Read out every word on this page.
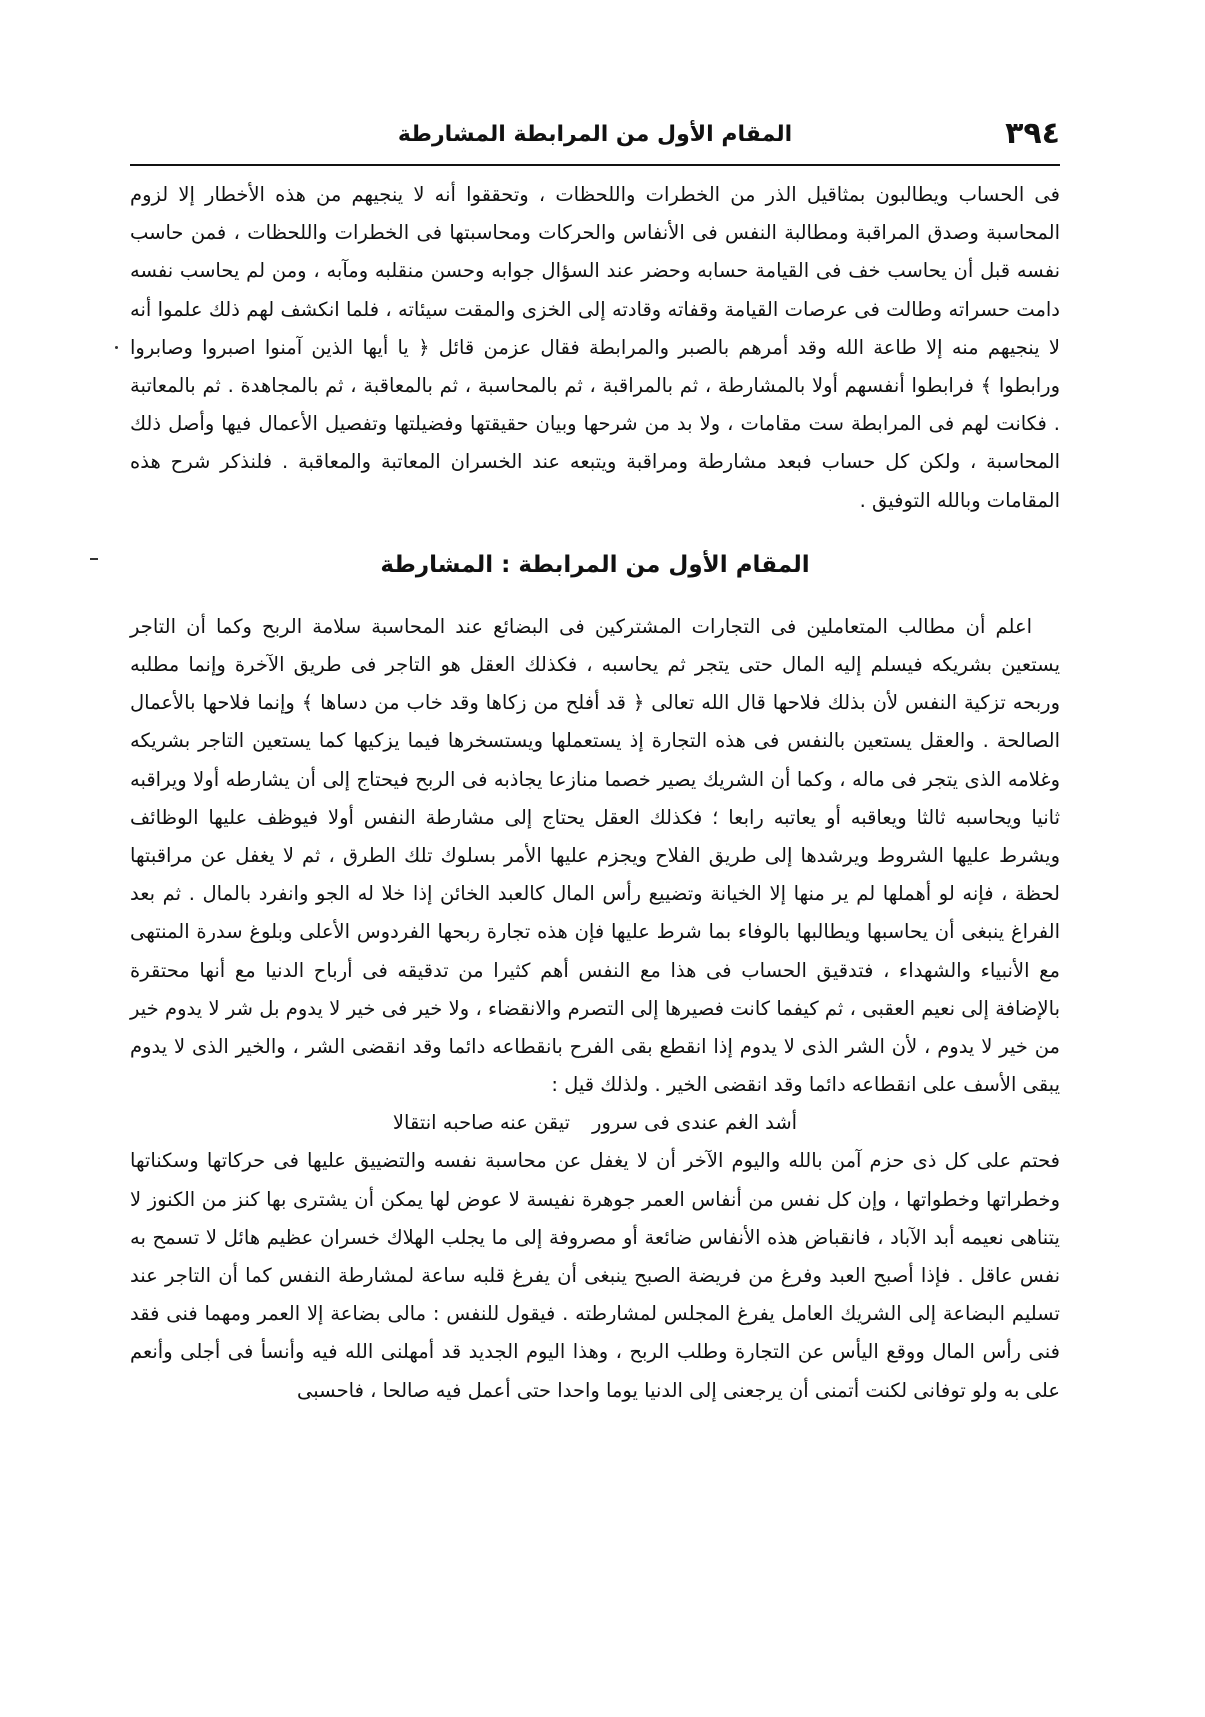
٣٩٤
المقام الأول من المرابطة المشارطة

فى الحساب ويطالبون بمثاقيل الذر من الخطرات واللحظات ، وتحققوا أنه لا ينجيهم من هذه الأخطار إلا لزوم المحاسبة وصدق المراقبة ومطالبة النفس فى الأنفاس والحركات ومحاسبتها فى الخطرات واللحظات ، فمن حاسب نفسه قبل أن يحاسب خف فى القيامة حسابه وحضر عند السؤال جوابه وحسن منقلبه ومآبه ، ومن لم يحاسب نفسه دامت حسراته وطالت فى عرصات القيامة وقفاته وقادته إلى الخزى والمقت سيئاته ، فلما انكشف لهم ذلك علموا أنه لا ينجيهم منه إلا طاعة الله وقد أمرهم بالصبر والمرابطة فقال عزمن قائل ﴿ يا أيها الذين آمنوا اصبروا وصابروا ورابطوا ﴾ فرابطوا أنفسهم أولا بالمشارطة ، ثم بالمراقبة ، ثم بالمحاسبة ، ثم بالمعاقبة ، ثم بالمجاهدة . ثم بالمعاتبة . فكانت لهم فى المرابطة ست مقامات ، ولا بد من شرحها وبيان حقيقتها وفضيلتها وتفصيل الأعمال فيها وأصل ذلك المحاسبة ، ولكن كل حساب فبعد مشارطة ومراقبة ويتبعه عند الخسران المعاتبة والمعاقبة . فلنذكر شرح هذه المقامات وبالله التوفيق .

المقام الأول من المرابطة : المشارطة

اعلم أن مطالب المتعاملين فى التجارات المشتركين فى البضائع عند المحاسبة سلامة الربح وكما أن التاجر يستعين بشريكه فيسلم إليه المال حتى يتجر ثم يحاسبه ، فكذلك العقل هو التاجر فى طريق الآخرة وإنما مطلبه وربحه تزكية النفس لأن بذلك فلاحها قال الله تعالى ﴿ قد أفلح من زكاها وقد خاب من دساها ﴾ وإنما فلاحها بالأعمال الصالحة . والعقل يستعين بالنفس فى هذه التجارة إذ يستعملها ويستسخرها فيما يزكيها كما يستعين التاجر بشريكه وغلامه الذى يتجر فى ماله ، وكما أن الشريك يصير خصما منازعا يجاذبه فى الربح فيحتاج إلى أن يشارطه أولا ويراقبه ثانيا ويحاسبه ثالثا ويعاقبه أو يعاتبه رابعا ؛ فكذلك العقل يحتاج إلى مشارطة النفس أولا فيوظف عليها الوظائف ويشرط عليها الشروط ويرشدها إلى طريق الفلاح ويجزم عليها الأمر بسلوك تلك الطرق ، ثم لا يغفل عن مراقبتها لحظة ، فإنه لو أهملها لم ير منها إلا الخيانة وتضييع رأس المال كالعبد الخائن إذا خلا له الجو وانفرد بالمال . ثم بعد الفراغ ينبغى أن يحاسبها ويطالبها بالوفاء بما شرط عليها فإن هذه تجارة ربحها الفردوس الأعلى وبلوغ سدرة المنتهى مع الأنبياء والشهداء ، فتدقيق الحساب فى هذا مع النفس أهم كثيرا من تدقيقه فى أرباح الدنيا مع أنها محتقرة بالإضافة إلى نعيم العقبى ، ثم كيفما كانت فصيرها إلى التصرم والانقضاء ، ولا خير فى خير لا يدوم بل شر لا يدوم خير من خير لا يدوم ، لأن الشر الذى لا يدوم إذا انقطع بقى الفرح بانقطاعه دائما وقد انقضى الشر ، والخير الذى لا يدوم يبقى الأسف على انقطاعه دائما وقد انقضى الخير . ولذلك قيل :

أشد الغم عندى فى سرور
تيقن عنه صاحبه انتقالا

فحتم على كل ذى حزم آمن بالله واليوم الآخر أن لا يغفل عن محاسبة نفسه والتضييق عليها فى حركاتها وسكناتها وخطراتها وخطواتها ، وإن كل نفس من أنفاس العمر جوهرة نفيسة لا عوض لها يمكن أن يشترى بها كنز من الكنوز لا يتناهى نعيمه أبد الآباد ، فانقباض هذه الأنفاس ضائعة أو مصروفة إلى ما يجلب الهلاك خسران عظيم هائل لا تسمح به نفس عاقل . فإذا أصبح العبد وفرغ من فريضة الصبح ينبغى أن يفرغ قلبه ساعة لمشارطة النفس كما أن التاجر عند تسليم البضاعة إلى الشريك العامل يفرغ المجلس لمشارطته . فيقول للنفس : مالى بضاعة إلا العمر ومهما فنى فقد فنى رأس المال ووقع اليأس عن التجارة وطلب الربح ، وهذا اليوم الجديد قد أمهلنى الله فيه وأنسأ فى أجلى وأنعم على به ولو توفانى لكنت أتمنى أن يرجعنى إلى الدنيا يوما واحدا حتى أعمل فيه صالحا ، فاحسبى
